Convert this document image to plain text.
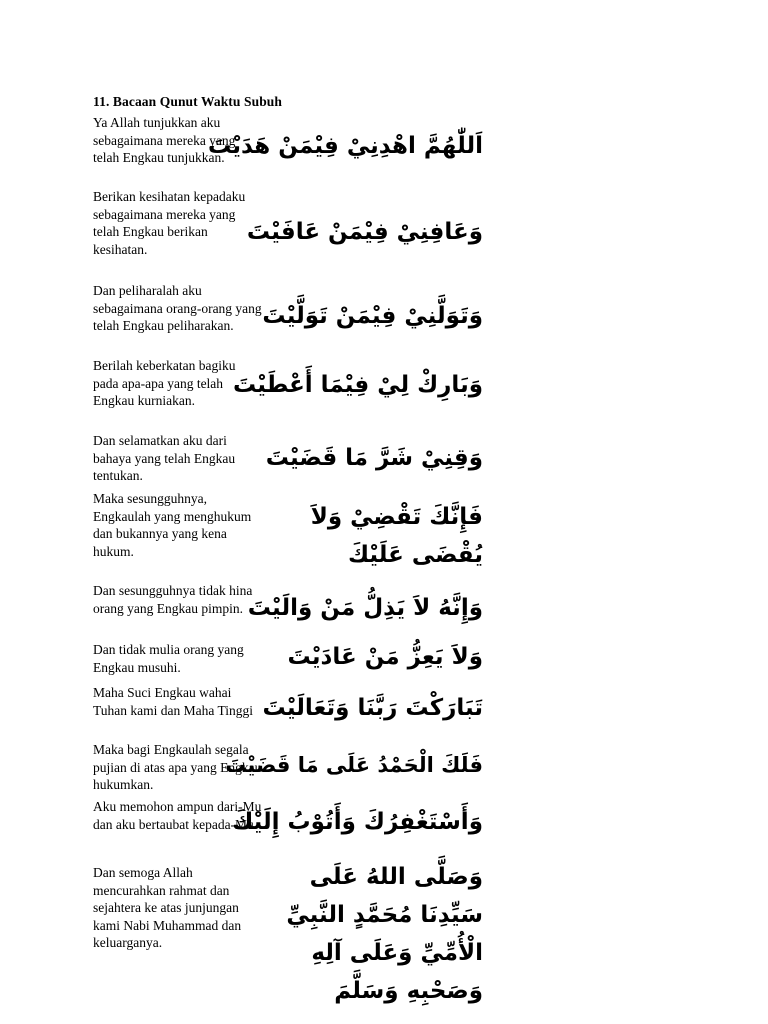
11. Bacaan Qunut Waktu Subuh
Ya Allah tunjukkan aku sebagaimana mereka yang telah Engkau tunjukkan.
اَللّٰهُمَّ اهْدِنِيْ فِيْمَنْ هَدَيْتَ
Berikan kesihatan kepadaku sebagaimana mereka yang telah Engkau berikan kesihatan.
وَعَافِنِيْ فِيْمَنْ عَافَيْتَ
Dan peliharalah aku sebagaimana orang-orang yang telah Engkau peliharakan.	وَتَوَلَّنِيْ فِيْمَنْ تَوَلَّيْتَ
Berilah keberkatan bagiku pada apa-apa yang telah Engkau kurniakan.
وَبَارِكْ لِيْ فِيْمَا أَعْطَيْتَ
Dan selamatkan aku dari bahaya yang telah Engkau tentukan.
وَقِنِيْ شَرَّ مَا قَضَيْتَ
Maka sesungguhnya, Engkaulah yang menghukum dan bukannya yang kena hukum.
فَإِنَّكَ تَقْضِيْ وَلاَ يُقْضَى عَلَيْكَ
Dan sesungguhnya tidak hina orang yang Engkau pimpin. وَإِنَّهُ لاَ يَذِلُّ مَنْ وَالَيْتَ
Dan tidak mulia orang yang Engkau musuhi.	وَلاَ يَعِزُّ مَنْ عَادَيْتَ
Maha Suci Engkau wahai Tuhan kami dan Maha Tinggi تَبَارَكْتَ رَبَّنَا وَتَعَالَيْتَ
Maka bagi Engkaulah segala pujian di atas apa yang Engkau hukumkan.
فَلَكَ الْحَمْدُ عَلَى مَا قَضَيْتَ
Aku memohon ampun dari-Mu dan aku bertaubat kepada-Mu.
وَأَسْتَغْفِرُكَ وَأَتُوْبُ إِلَيْكَ
Dan semoga Allah mencurahkan rahmat dan sejahtera ke atas junjungan kami Nabi Muhammad dan keluarganya.
وَصَلَّى اللهُ عَلَى سَيِّدِنَا مُحَمَّدٍ النَّبِيِّ الْأُمِّيِّ وَعَلَى آلِهِ وَصَحْبِهِ وَسَلَّمَ
